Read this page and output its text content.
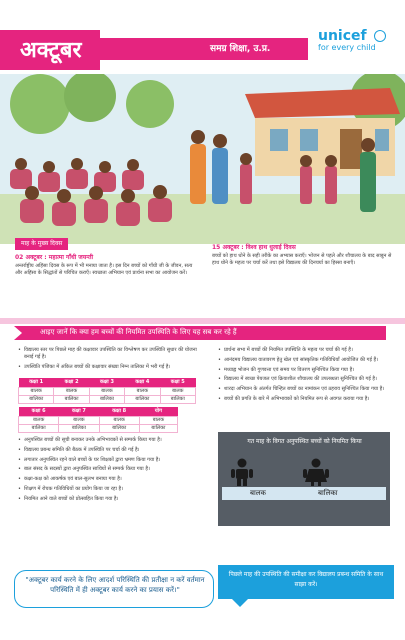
अक्टूबर	समग्र शिक्षा, उ.प्र.
unicef
for every child
माह के मुख्य दिवस
02 अक्टूबर : महात्मा गाँधी जयन्ती
अन्तर्राष्ट्रीय अहिंसा दिवस के रूप में भी मनाया जाता है। इस दिन बच्चों को गाँधी जी के जीवन, सत्य और अहिंसा के सिद्धांतों से परिचित कराएँ। स्वच्छता अभियान एवं प्रार्थना सभा का आयोजन करें।
15 अक्टूबर : विश्व हाथ धुलाई दिवस
बच्चों को हाथ धोने के सही तरीके का अभ्यास कराएँ। भोजन से पहले और शौचालय के बाद साबुन से हाथ धोने के महत्व पर चर्चा करें तथा इसे विद्यालय की दिनचर्या का हिस्सा बनाएँ।
आइए जानें कि क्या हम बच्चों की नियमित उपस्थिति के लिए यह सब कर रहे हैं
• विद्यालय स्तर पर पिछले माह की कक्षावार उपस्थिति का विश्लेषण कर उपस्थिति सुधार की योजना बनाई गई है।
• उपस्थिति पंजिका में अंकित बच्चों की कक्षावार संख्या निम्न तालिका में भरी गई है।
कक्षा 1	कक्षा 2	कक्षा 3	कक्षा 4	कक्षा 5
बालक	बालक	बालक	बालक	बालक
बालिका	बालिका	बालिका	बालिका	बालिका
कक्षा 6	कक्षा 7	कक्षा 8	योग
बालक	बालक	बालक	बालक
बालिका	बालिका	बालिका	बालिका
• अनुपस्थित बच्चों की सूची बनाकर उनके अभिभावकों से सम्पर्क किया गया है।
• विद्यालय प्रबन्ध समिति की बैठक में उपस्थिति पर चर्चा की गई है।
• लगातार अनुपस्थित रहने वाले बच्चों के घर शिक्षकों द्वारा भ्रमण किया गया है।
• बाल संसद के सदस्यों द्वारा अनुपस्थित साथियों से सम्पर्क किया गया है।
• कक्षा-कक्ष को आकर्षक एवं बाल-सुलभ बनाया गया है।
• शिक्षण में रोचक गतिविधियों का प्रयोग किया जा रहा है।
• नियमित आने वाले बच्चों को प्रोत्साहित किया गया है।
• प्रार्थना सभा में बच्चों की नियमित उपस्थिति के महत्व पर चर्चा की गई है।
• आनंदमय विद्यालय वातावरण हेतु खेल एवं सांस्कृतिक गतिविधियाँ आयोजित की गई हैं।
• मध्याह्न भोजन की गुणवत्ता एवं समय पर वितरण सुनिश्चित किया गया है।
• विद्यालय में स्वच्छ पेयजल एवं क्रियाशील शौचालय की उपलब्धता सुनिश्चित की गई है।
• शारदा अभियान के अंतर्गत चिन्हित बच्चों का नामांकन एवं ठहराव सुनिश्चित किया गया है।
• बच्चों की प्रगति के बारे में अभिभावकों को नियमित रूप से अवगत कराया गया है।
गत माह के विगत अनुपस्थित बच्चों को नियमित किया
बालक	बालिका
"अक्टूबर कार्य करने के लिए आदर्श परिस्थिति की प्रतीक्षा न करें वर्तमान परिस्थिति में ही अक्टूबर कार्य करने का प्रयास करें।"
पिछले माह की उपस्थिति की समीक्षा कर विद्यालय प्रबन्ध समिति के साथ साझा करें।
